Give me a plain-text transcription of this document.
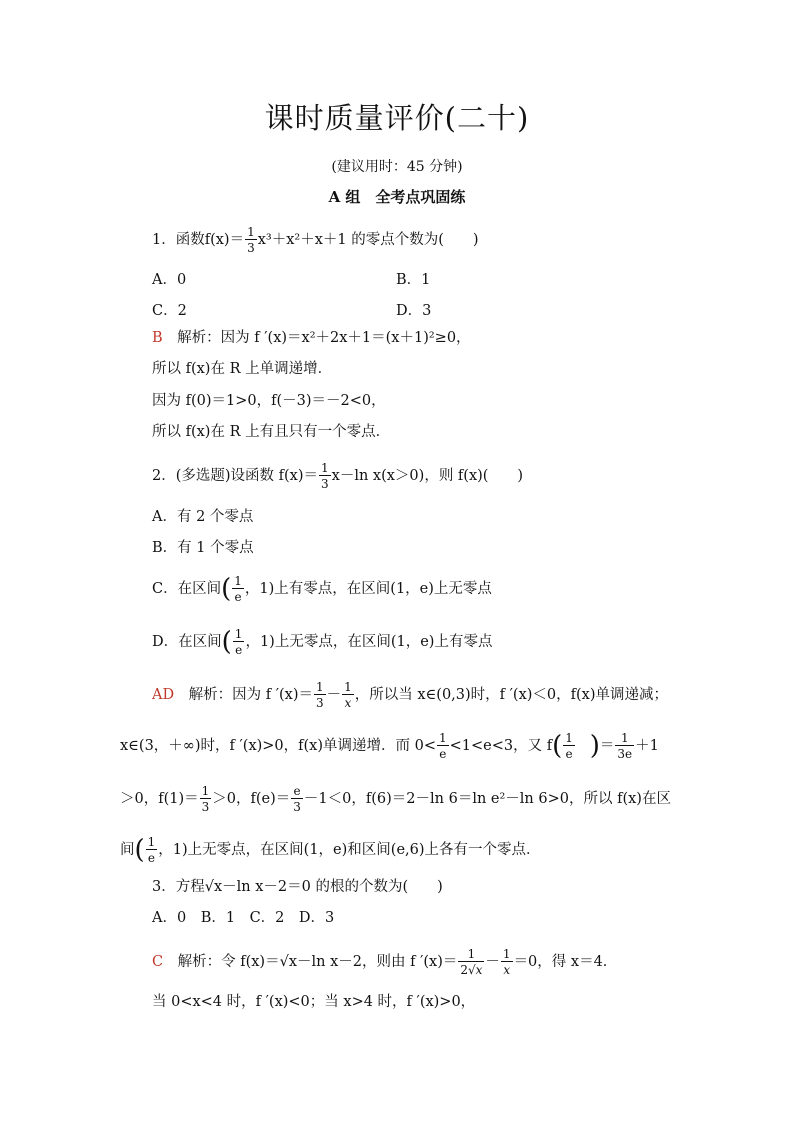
课时质量评价(二十)
(建议用时：45 分钟)
A 组　全考点巩固练
1．函数$f(x)= \frac{1}{3} x^3+x^2+x+1$ 的零点个数为(　　)
A．0	B．1
C．2	D．3
B　 解析：因为 f ′(x)＝x²＋2x＋1＝(x＋1)²≥0，
所以 f(x)在 R 上单调递增．
因为 f(0)＝1>0，f(－3)＝－2<0，
所以 f(x)在 R 上有且只有一个零点．
2．(多选题)设函数 $f(x)= \frac{1}{3} x-\ln$ x(x＞0)，则 f(x)(　　)
A．有 2 个零点
B．有 1 个零点
C．在区间( $\frac{1}{e}$ ，1)上有零点，在区间(1，e)上无零点
D．在区间( $\frac{1}{e}$ ，1)上无零点，在区间(1，e)上有零点
AD　 解析：因为 f $'(x)= \frac{1}{3} - \frac{1}{x}$ ，所以当 x∈(0,3)时，f ′(x)＜0，f(x)单调递减；
x∈(3，＋∞)时，f ′(x)>0，f(x)单调递增．而 $0< \frac{1}{e} <1<e<3$，又 $f( \frac{1}{e}$ )＝ $\frac{1}{3e} +1$
＞0，$f(1)= \frac{1}{3} >0$，$f(e)= \frac{e}{3} -1<0$，f(6)＝2－ln 6＝ln e²－ln 6>0，所以 f(x)在区
间( $\frac{1}{e}$ ，1)上无零点，在区间(1，e)和区间(e,6)上各有一个零点．
3．方程√x－ln x－2＝0 的根的个数为(　　)
A．0　B．1　C．2　D．3
C　 解析：令 f(x)＝√x－ln x－2，则由 f $'(x)= \frac{1}{2√x} - \frac{1}{x} =0$，得 x＝4．
当 0<x<4 时，f ′(x)<0；当 x>4 时，f ′(x)>0，
